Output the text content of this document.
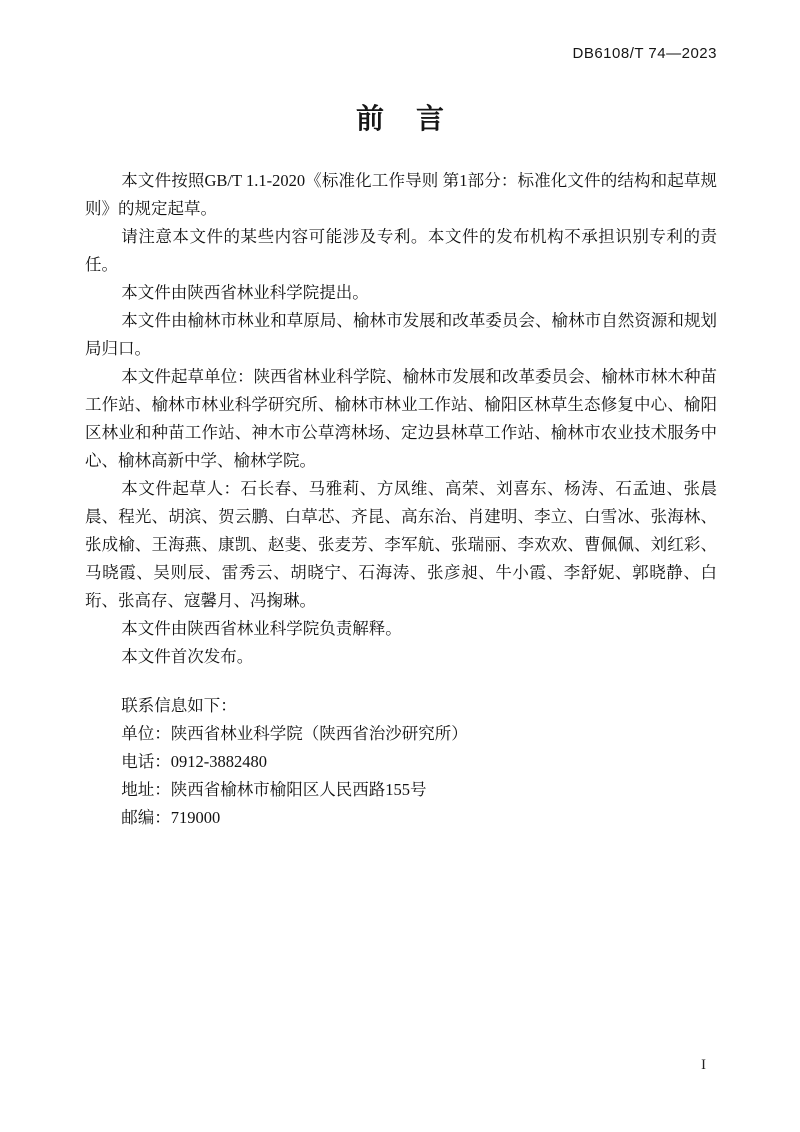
DB6108/T 74—2023
前　言

本文件按照GB/T 1.1-2020《标准化工作导则 第1部分：标准化文件的结构和起草规则》的规定起草。

请注意本文件的某些内容可能涉及专利。本文件的发布机构不承担识别专利的责任。

本文件由陕西省林业科学院提出。

本文件由榆林市林业和草原局、榆林市发展和改革委员会、榆林市自然资源和规划局归口。

本文件起草单位：陕西省林业科学院、榆林市发展和改革委员会、榆林市林木种苗工作站、榆林市林业科学研究所、榆林市林业工作站、榆阳区林草生态修复中心、榆阳区林业和种苗工作站、神木市公草湾林场、定边县林草工作站、榆林市农业技术服务中心、榆林高新中学、榆林学院。

本文件起草人：石长春、马雅莉、方凤维、高荣、刘喜东、杨涛、石孟迪、张晨晨、程光、胡滨、贺云鹏、白草芯、齐昆、高东治、肖建明、李立、白雪冰、张海林、张成榆、王海燕、康凯、赵斐、张麦芳、李军航、张瑞丽、李欢欢、曹佩佩、刘红彩、马晓霞、吴则辰、雷秀云、胡晓宁、石海涛、张彦昶、牛小霞、李舒妮、郭晓静、白珩、张高存、寇馨月、冯掬琳。

本文件由陕西省林业科学院负责解释。

本文件首次发布。

联系信息如下：

单位：陕西省林业科学院（陕西省治沙研究所）

电话：0912-3882480

地址：陕西省榆林市榆阳区人民西路155号

邮编：719000

I
